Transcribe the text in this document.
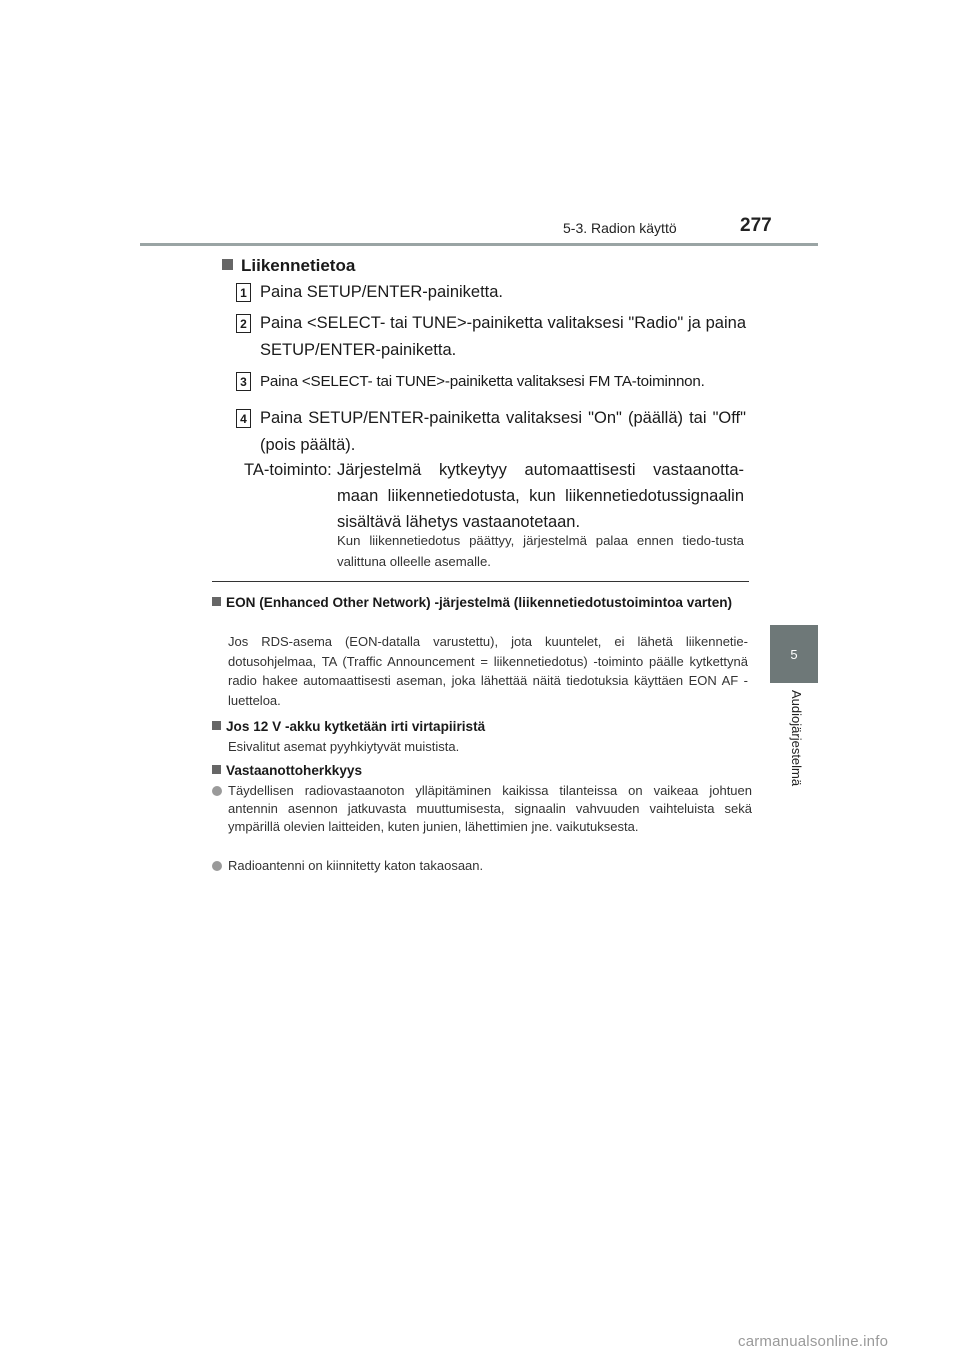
5-3. Radion käyttö	277
5
Audiojärjestelmä
Liikennetietoa
1 Paina SETUP/ENTER-painiketta.
2 Paina <SELECT- tai TUNE>-painiketta valitaksesi "Radio" ja paina SETUP/ENTER-painiketta.
3 Paina <SELECT- tai TUNE>-painiketta valitaksesi FM TA-toiminnon.
4 Paina SETUP/ENTER-painiketta valitaksesi "On" (päällä) tai "Off" (pois päältä).
TA-toiminto: Järjestelmä kytkeytyy automaattisesti vastaanotta-maan liikennetiedotusta, kun liikennetiedotussignaalin sisältävä lähetys vastaanotetaan.
Kun liikennetiedotus päättyy, järjestelmä palaa ennen tiedo-tusta valittuna olleelle asemalle.
EON (Enhanced Other Network) -järjestelmä (liikennetiedotustoimintoa varten)
Jos RDS-asema (EON-datalla varustettu), jota kuuntelet, ei lähetä liikennetie-dotusohjelmaa, TA (Traffic Announcement = liikennetiedotus) -toiminto päälle kytkettynä radio hakee automaattisesti aseman, joka lähettää näitä tiedotuksia käyttäen EON AF -luetteloa.
Jos 12 V -akku kytketään irti virtapiiristä
Esivalitut asemat pyyhkiytyvät muistista.
Vastaanottoherkkyys
Täydellisen radiovastaanoton ylläpitäminen kaikissa tilanteissa on vaikeaa johtuen antennin asennon jatkuvasta muuttumisesta, signaalin vahvuuden vaihteluista sekä ympärillä olevien laitteiden, kuten junien, lähettimien jne. vaikutuksesta.
Radioantenni on kiinnitetty katon takaosaan.
carmanualsonline.info
